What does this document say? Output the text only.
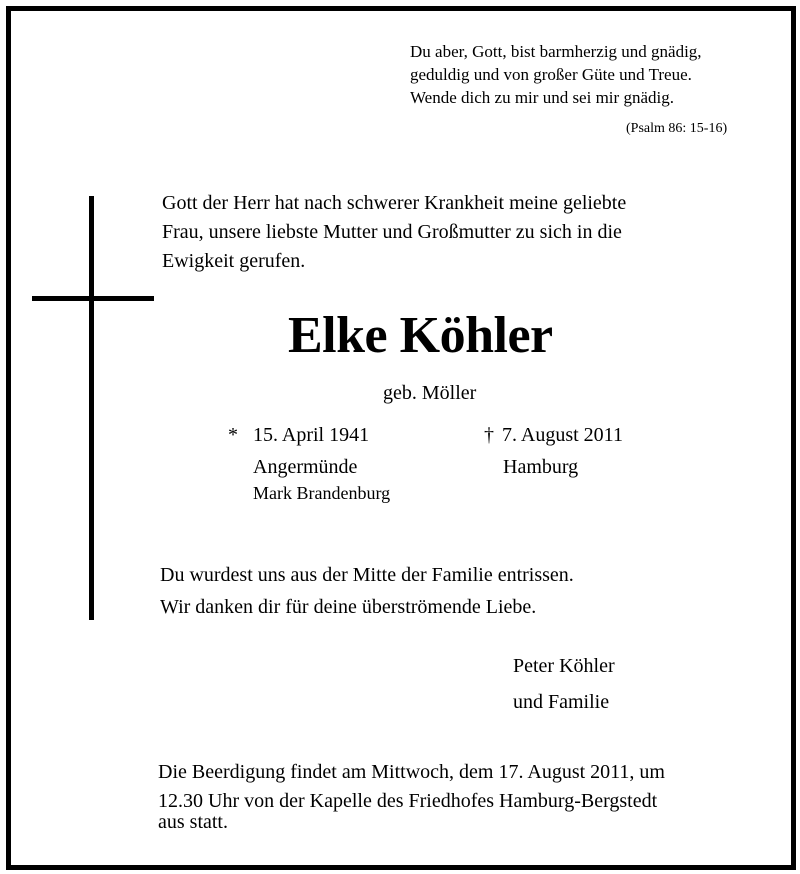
Du aber, Gott, bist barmherzig und gnädig,
geduldig und von großer Güte und Treue.
Wende dich zu mir und sei mir gnädig.
(Psalm 86: 15-16)
Gott der Herr hat nach schwerer Krankheit meine geliebte
Frau, unsere liebste Mutter und Großmutter zu sich in die
Ewigkeit gerufen.
Elke Köhler
geb. Möller
* 15. April 1941
Angermünde
Mark Brandenburg
† 7. August 2011
Hamburg
Du wurdest uns aus der Mitte der Familie entrissen.
Wir danken dir für deine überströmende Liebe.
Peter Köhler
und Familie
Die Beerdigung findet am Mittwoch, dem 17. August 2011, um
12.30 Uhr von der Kapelle des Friedhofes Hamburg-Bergstedt
aus statt.
